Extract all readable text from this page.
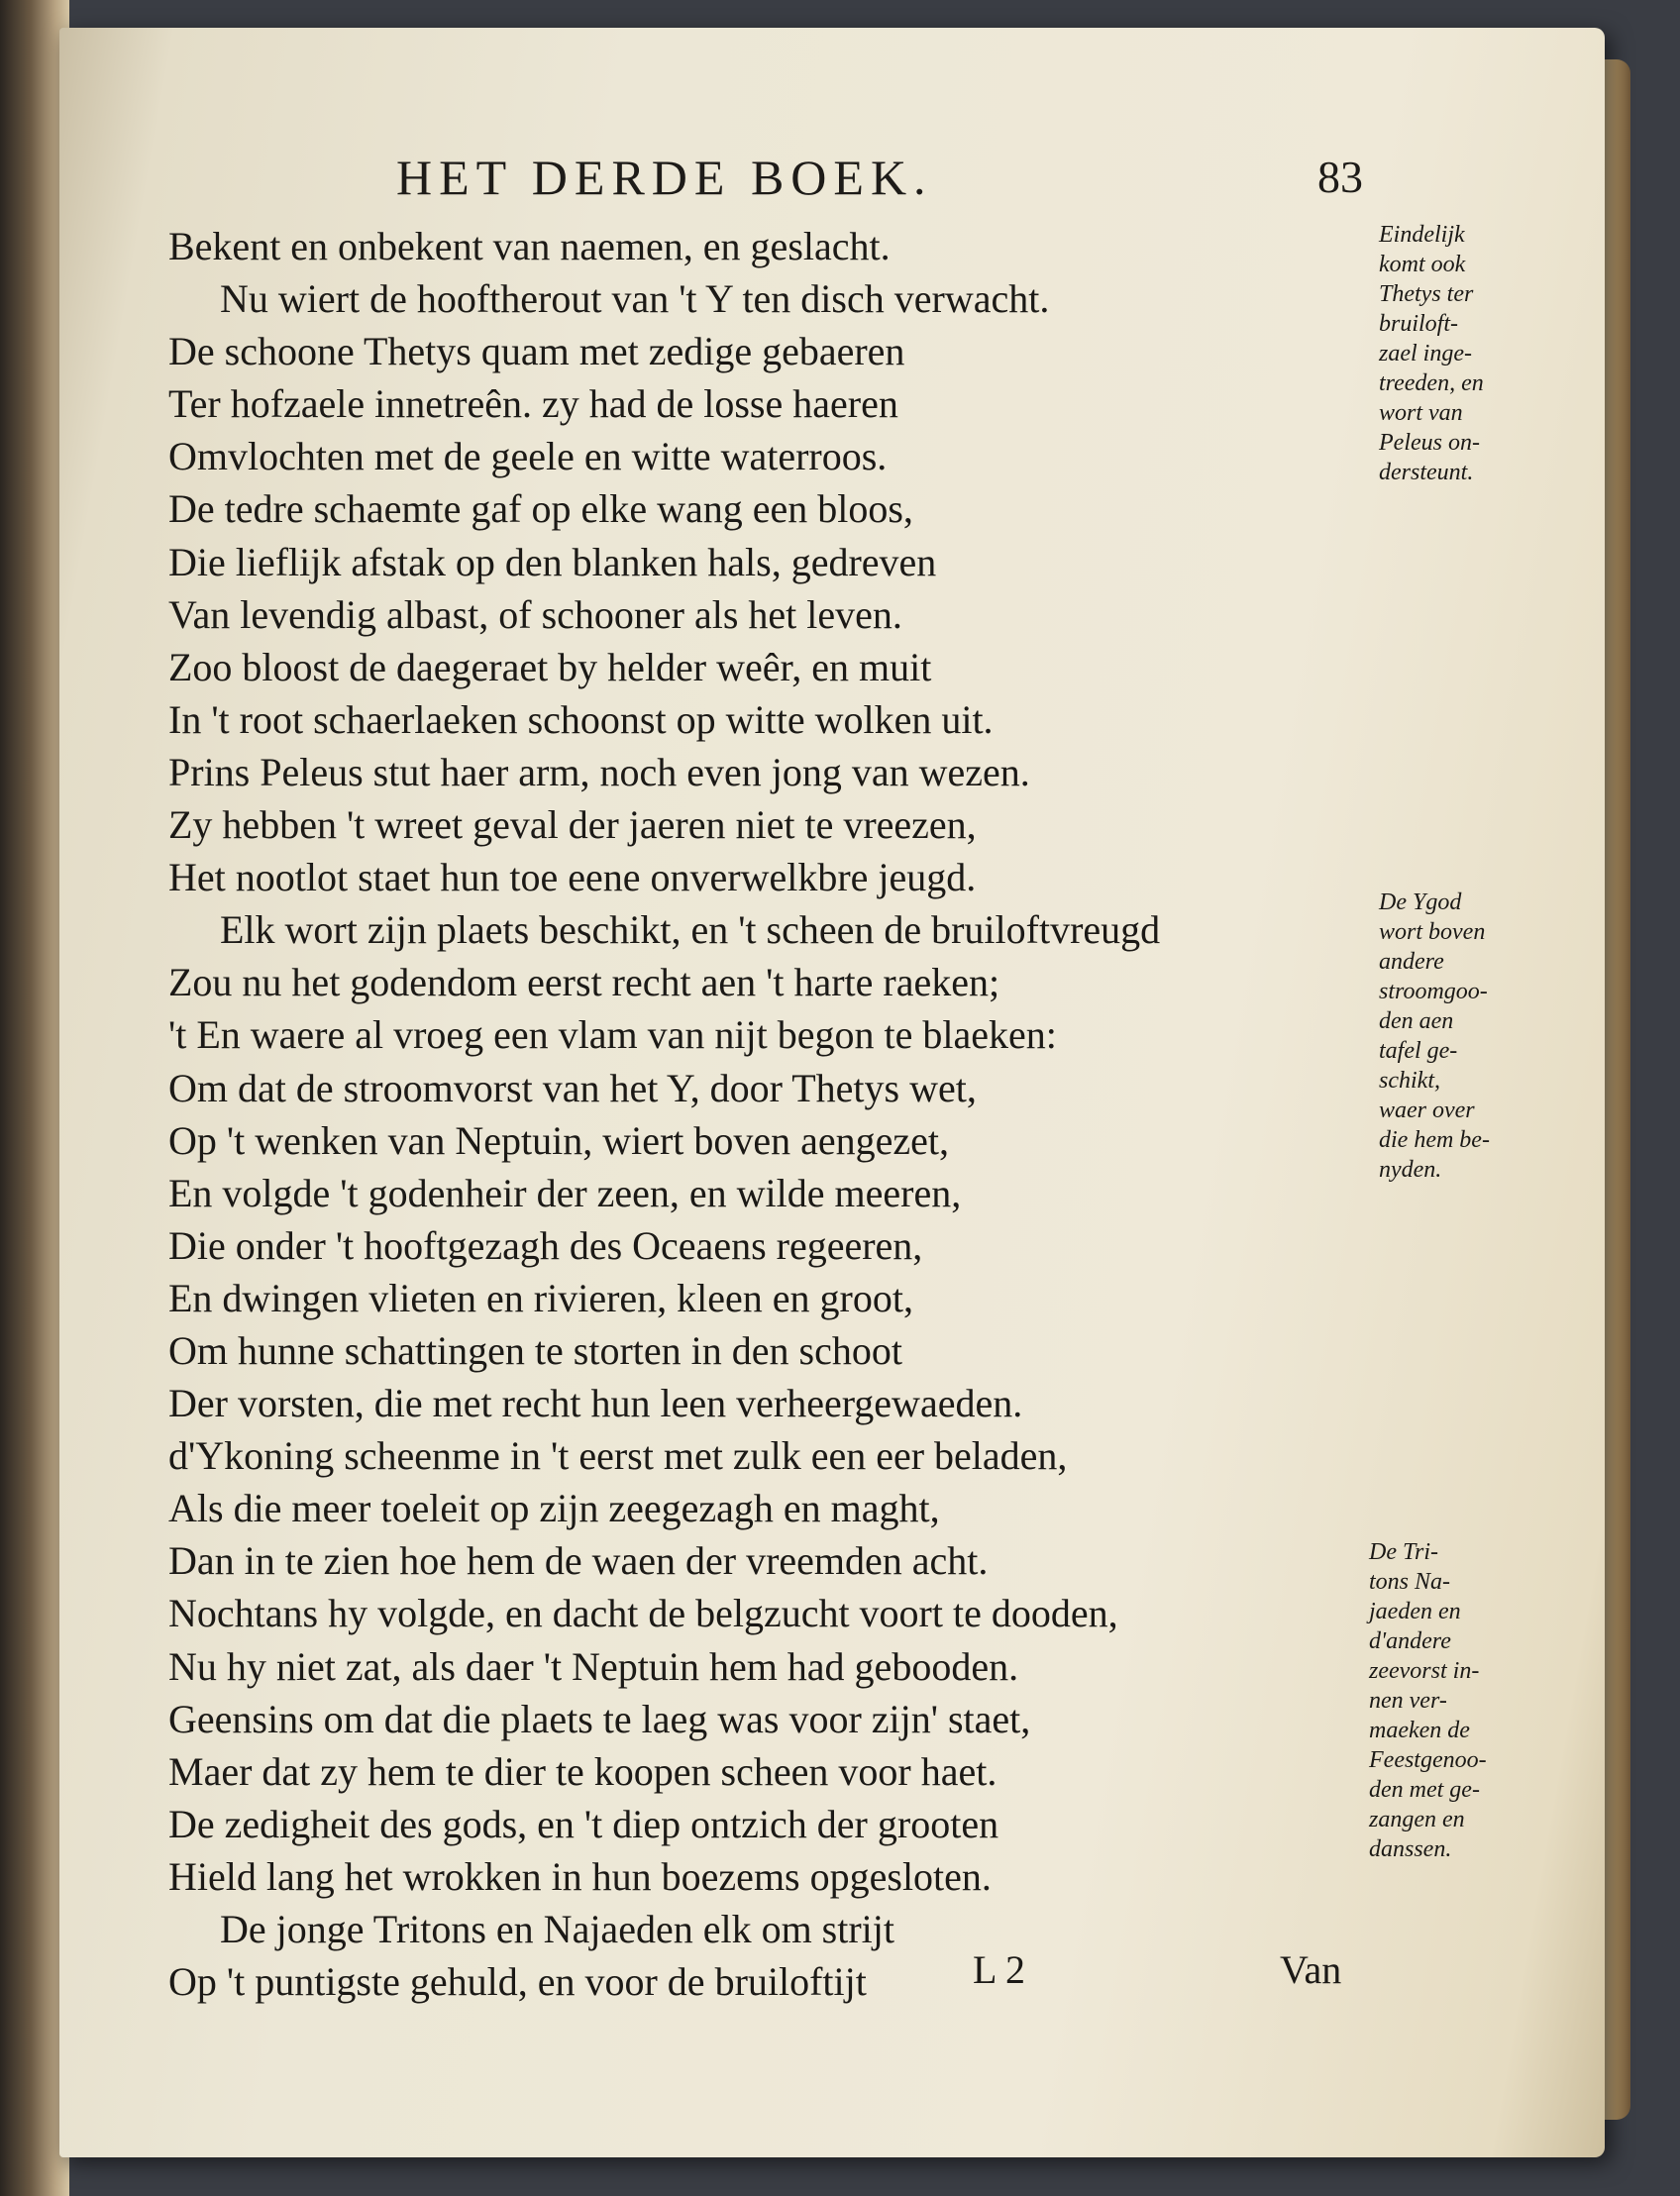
HET DERDE BOEK.	83
Bekent en onbekent van naemen, en geslacht.
Nu wiert de hooftherout van 't Y ten disch verwacht.
De schoone Thetys quam met zedige gebaeren
Ter hofzaele innetreên. zy had de losse haeren
Omvlochten met de geele en witte waterroos.
De tedre schaemte gaf op elke wang een bloos,
Die lieflijk afstak op den blanken hals, gedreven
Van levendig albast, of schooner als het leven.
Zoo bloost de daegeraet by helder weêr, en muit
In 't root schaerlaeken schoonst op witte wolken uit.
Prins Peleus stut haer arm, noch even jong van wezen.
Zy hebben 't wreet geval der jaeren niet te vreezen,
Het nootlot staet hun toe eene onverwelkbre jeugd.
Elk wort zijn plaets beschikt, en 't scheen de bruiloftvreugd
Zou nu het godendom eerst recht aen 't harte raeken;
't En waere al vroeg een vlam van nijt begon te blaeken:
Om dat de stroomvorst van het Y, door Thetys wet,
Op 't wenken van Neptuin, wiert boven aengezet,
En volgde 't godenheir der zeen, en wilde meeren,
Die onder 't hooftgezagh des Oceaens regeeren,
En dwingen vlieten en rivieren, kleen en groot,
Om hunne schattingen te storten in den schoot
Der vorsten, die met recht hun leen verheergewaeden.
d'Ykoning scheenme in 't eerst met zulk een eer beladen,
Als die meer toeleit op zijn zeegezagh en maght,
Dan in te zien hoe hem de waen der vreemden acht.
Nochtans hy volgde, en dacht de belgzucht voort te dooden,
Nu hy niet zat, als daer 't Neptuin hem had gebooden.
Geensins om dat die plaets te laeg was voor zijn' staet,
Maer dat zy hem te dier te koopen scheen voor haet.
De zedigheit des gods, en 't diep ontzich der grooten
Hield lang het wrokken in hun boezems opgesloten.
De jonge Tritons en Najaeden elk om strijt
Op 't puntigste gehuld, en voor de bruiloftijt
Eindelijk
komt ook
Thetys ter
bruiloft-
zael inge-
treeden, en
wort van
Peleus on-
dersteunt.
De Ygod
wort boven
andere
stroomgoo-
den aen
tafel ge-
schikt,
waer over
die hem be-
nyden.
De Tri-
tons Na-
jaeden en
d'andere
zeevorst in-
nen ver-
maeken de
Feestgenoo-
den met ge-
zangen en
danssen.
L 2	Van
